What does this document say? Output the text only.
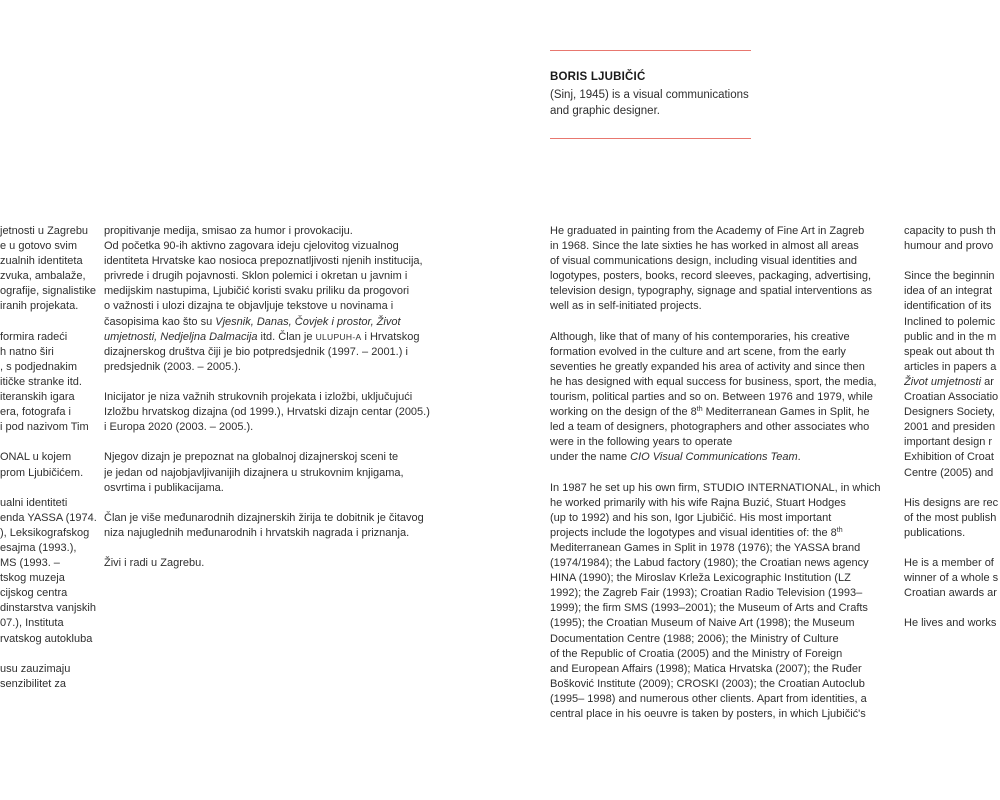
BORIS LJUBIČIĆ
(Sinj, 1945) is a visual communications and graphic designer.

jetnosti u Zagrebu
e u gotovo svim
zualnih identiteta
zvuka, ambalaže,
ografije, signalistike
iranih projekata.

formira radeći
h natno širi
, s podjednakim
itičke stranke itd.
iteranskih igara
era, fotografa i
i pod nazivom Tim

ONAL u kojem
prom Ljubičićem.

ualni identiteti
enda YASSA (1974.
), Leksikografskog
esajma (1993.),
MS (1993. –
tskog muzeja
cijskog centra
dinstarstva vanjskih
07.), Instituta
rvatskog autokluba

usu zauzimaju
senzibilitet za

propitivanje medija, smisao za humor i provokaciju.
Od početka 90-ih aktivno zagovara ideju cjelovitog vizualnog
identiteta Hrvatske kao nosioca prepoznatljivosti njenih institucija,
privrede i drugih pojavnosti. Sklon polemici i okretan u javnim i
medijskim nastupima, Ljubičić koristi svaku priliku da progovori
o važnosti i ulozi dizajna te objavljuje tekstove u novinama i
časopisima kao što su Vjesnik, Danas, Čovjek i prostor, Život
umjetnosti, Nedjeljna Dalmacija itd. Član je ULUPUH-A i Hrvatskog
dizajnerskog društva čiji je bio potpredsjednik (1997. – 2001.) i
predsjednik (2003. – 2005.).

Inicijator je niza važnih strukovnih projekata i izložbi, uključujući
Izložbu hrvatskog dizajna (od 1999.), Hrvatski dizajn centar (2005.)
i Europa 2020 (2003. – 2005.).

Njegov dizajn je prepoznat na globalnoj dizajnerskoj sceni te
je jedan od najobjavljivanijih dizajnera u strukovnim knjigama,
osvrtima i publikacijama.

Član je više međunarodnih dizajnerskih žirija te dobitnik je čitavog
niza najuglednih međunarodnih i hrvatskih nagrada i priznanja.

Živi i radi u Zagrebu.

He graduated in painting from the Academy of Fine Art in Zagreb
in 1968. Since the late sixties he has worked in almost all areas
of visual communications design, including visual identities and
logotypes, posters, books, record sleeves, packaging, advertising,
television design, typography, signage and spatial interventions as
well as in self-initiated projects.

Although, like that of many of his contemporaries, his creative
formation evolved in the culture and art scene, from the early
seventies he greatly expanded his area of activity and since then
he has designed with equal success for business, sport, the media,
tourism, political parties and so on. Between 1976 and 1979, while
working on the design of the 8th Mediterranean Games in Split, he
led a team of designers, photographers and other associates who
were in the following years to operate
under the name CIO Visual Communications Team.

In 1987 he set up his own firm, STUDIO INTERNATIONAL, in which
he worked primarily with his wife Rajna Buzić, Stuart Hodges
(up to 1992) and his son, Igor Ljubičić. His most important
projects include the logotypes and visual identities of: the 8th
Mediterranean Games in Split in 1978 (1976); the YASSA brand
(1974/1984); the Labud factory (1980); the Croatian news agency
HINA (1990); the Miroslav Krleža Lexicographic Institution (LZ
1992); the Zagreb Fair (1993); Croatian Radio Television (1993–
1999); the firm SMS (1993–2001); the Museum of Arts and Crafts
(1995); the Croatian Museum of Naive Art (1998); the Museum
Documentation Centre (1988; 2006); the Ministry of Culture
of the Republic of Croatia (2005) and the Ministry of Foreign
and European Affairs (1998); Matica Hrvatska (2007); the Ruđer
Bošković Institute (2009); CROSKI (2003); the Croatian Autoclub
(1995– 1998) and numerous other clients. Apart from identities, a
central place in his oeuvre is taken by posters, in which Ljubičić's

capacity to push th
humour and provo

Since the beginnin
idea of an integrat
identification of its
Inclined to polemic
public and in the m
speak out about th
articles in papers a
Život umjetnosti ar
Croatian Associatio
Designers Society,
2001 and presiden
important design r
Exhibition of Croat
Centre (2005) and

His designs are rec
of the most publish
publications.

He is a member of
winner of a whole s
Croatian awards ar

He lives and works
